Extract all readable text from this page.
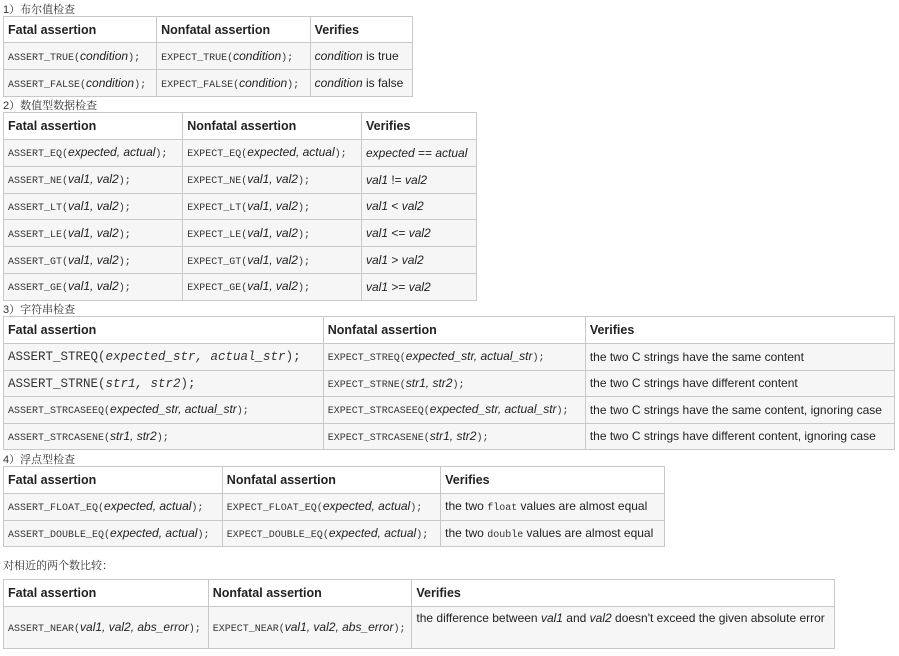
1）布尔值检查
Fatal assertion	Nonfatal assertion	Verifies
ASSERT_TRUE(condition);	EXPECT_TRUE(condition);	condition is true
ASSERT_FALSE(condition);	EXPECT_FALSE(condition);	condition is false
2）数值型数据检查
Fatal assertion	Nonfatal assertion	Verifies
ASSERT_EQ(expected, actual);	EXPECT_EQ(expected, actual);	expected == actual
ASSERT_NE(val1, val2);	EXPECT_NE(val1, val2);	val1 != val2
ASSERT_LT(val1, val2);	EXPECT_LT(val1, val2);	val1 < val2
ASSERT_LE(val1, val2);	EXPECT_LE(val1, val2);	val1 <= val2
ASSERT_GT(val1, val2);	EXPECT_GT(val1, val2);	val1 > val2
ASSERT_GE(val1, val2);	EXPECT_GE(val1, val2);	val1 >= val2
3）字符串检查
Fatal assertion	Nonfatal assertion	Verifies
ASSERT_STREQ(expected_str, actual_str);	EXPECT_STREQ(expected_str, actual_str);	the two C strings have the same content
ASSERT_STRNE(str1, str2);	EXPECT_STRNE(str1, str2);	the two C strings have different content
ASSERT_STRCASEEQ(expected_str, actual_str);	EXPECT_STRCASEEQ(expected_str, actual_str);	the two C strings have the same content, ignoring case
ASSERT_STRCASENE(str1, str2);	EXPECT_STRCASENE(str1, str2);	the two C strings have different content, ignoring case
4）浮点型检查
Fatal assertion	Nonfatal assertion	Verifies
ASSERT_FLOAT_EQ(expected, actual);	EXPECT_FLOAT_EQ(expected, actual);	the two float values are almost equal
ASSERT_DOUBLE_EQ(expected, actual);	EXPECT_DOUBLE_EQ(expected, actual);	the two double values are almost equal
对相近的两个数比较：
Fatal assertion	Nonfatal assertion	Verifies
ASSERT_NEAR(val1, val2, abs_error);	EXPECT_NEAR(val1, val2, abs_error);	the difference between val1 and val2 doesn't exceed the given absolute error
